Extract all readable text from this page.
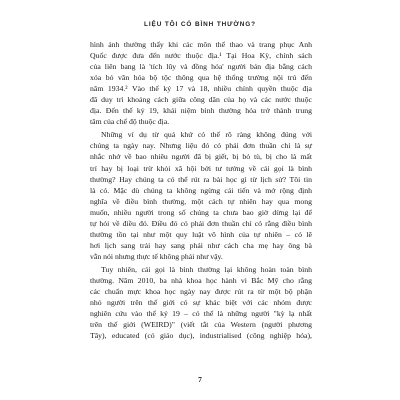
LIỆU TÔI CÓ BÌNH THƯỜNG?
hình ảnh thường thấy khi các môn thể thao và trang phục Anh
Quốc được đưa đến nước thuộc địa.¹ Tại Hoa Kỳ, chính sách
của liên bang là 'tích lũy và đồng hóa' người bản địa bằng cách
xóa bỏ văn hóa bộ tộc thông qua hệ thống trường nội trú đến
năm 1934.² Vào thế kỷ 17 và 18, nhiều chính quyền thuộc địa
đã duy trì khoảng cách giữa công dân của họ và các nước thuộc
địa. Đến thế kỷ 19, khái niệm bình thường hóa trở thành trung
tâm của chế độ thuộc địa.
Những ví dụ từ quá khứ có thể rõ ràng không đúng với
chúng ta ngày nay. Nhưng liệu đó có phải đơn thuần chỉ là sự
nhắc nhở về bao nhiêu người đã bị giết, bị bỏ tù, bị cho là mất
trí hay bị loại trừ khỏi xã hội bởi tư tưởng về cái gọi là bình
thường? Hay chúng ta có thể rút ra bài học gì từ lịch sử? Tôi tin
là có. Mặc dù chúng ta không ngừng cải tiến và mở rộng định
nghĩa về điều bình thường, một cách tự nhiên hay qua mong
muốn, nhiều người trong số chúng ta chưa bao giờ dừng lại để
tự hỏi về điều đó. Điều đó có phải đơn thuần chỉ có rằng điều bình
thường tồn tại như một quy luật vô hình của tự nhiên – có lẽ
hơi lịch sang trải hay sang phải như cách cha mẹ hay ông bà
vẫn nói nhưng thực tế không phải như vậy.
Tuy nhiên, cái gọi là bình thường lại không hoàn toàn bình
thường. Năm 2010, ba nhà khoa học hành vi Bắc Mỹ cho rằng
các chuẩn mực khoa học ngày nay được rút ra từ một bộ phận
nhỏ người trên thế giới có sự khác biệt với các nhóm được
nghiên cứu vào thế kỷ 19 – có thể là những người "kỳ lạ nhất
trên thế giới (WEIRD)" (viết tắt của Western (người phương
Tây), educated (có giáo dục), industrialised (công nghiệp hóa),
7
